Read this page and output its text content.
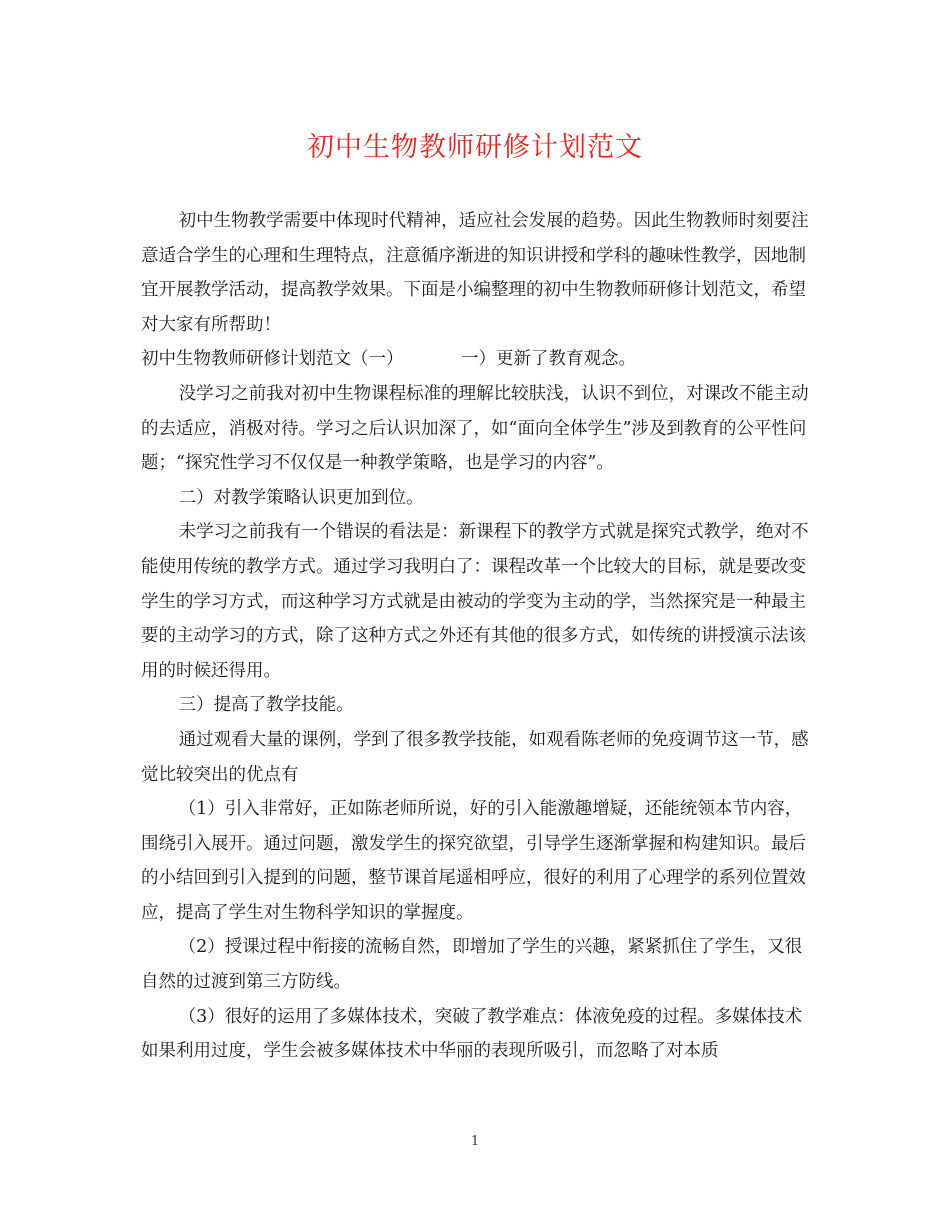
初中生物教师研修计划范文

初中生物教学需要中体现时代精神，适应社会发展的趋势。因此生物教师时刻要注意适合学生的心理和生理特点，注意循序渐进的知识讲授和学科的趣味性教学，因地制宜开展教学活动，提高教学效果。下面是小编整理的初中生物教师研修计划范文，希望对大家有所帮助！

初中生物教师研修计划范文（一）	一）更新了教育观念。

没学习之前我对初中生物课程标准的理解比较肤浅，认识不到位，对课改不能主动的去适应，消极对待。学习之后认识加深了，如“面向全体学生”涉及到教育的公平性问题；“探究性学习不仅仅是一种教学策略，也是学习的内容”。

二）对教学策略认识更加到位。

未学习之前我有一个错误的看法是：新课程下的教学方式就是探究式教学，绝对不能使用传统的教学方式。通过学习我明白了：课程改革一个比较大的目标，就是要改变学生的学习方式，而这种学习方式就是由被动的学变为主动的学，当然探究是一种最主要的主动学习的方式，除了这种方式之外还有其他的很多方式，如传统的讲授演示法该用的时候还得用。

三）提高了教学技能。

通过观看大量的课例，学到了很多教学技能，如观看陈老师的免疫调节这一节，感觉比较突出的优点有

（1）引入非常好，正如陈老师所说，好的引入能激趣增疑，还能统领本节内容，围绕引入展开。通过问题，激发学生的探究欲望，引导学生逐渐掌握和构建知识。最后的小结回到引入提到的问题，整节课首尾遥相呼应，很好的利用了心理学的系列位置效应，提高了学生对生物科学知识的掌握度。

（2）授课过程中衔接的流畅自然，即增加了学生的兴趣，紧紧抓住了学生，又很自然的过渡到第三方防线。

（3）很好的运用了多媒体技术，突破了教学难点：体液免疫的过程。多媒体技术如果利用过度，学生会被多媒体技术中华丽的表现所吸引，而忽略了对本质

1
